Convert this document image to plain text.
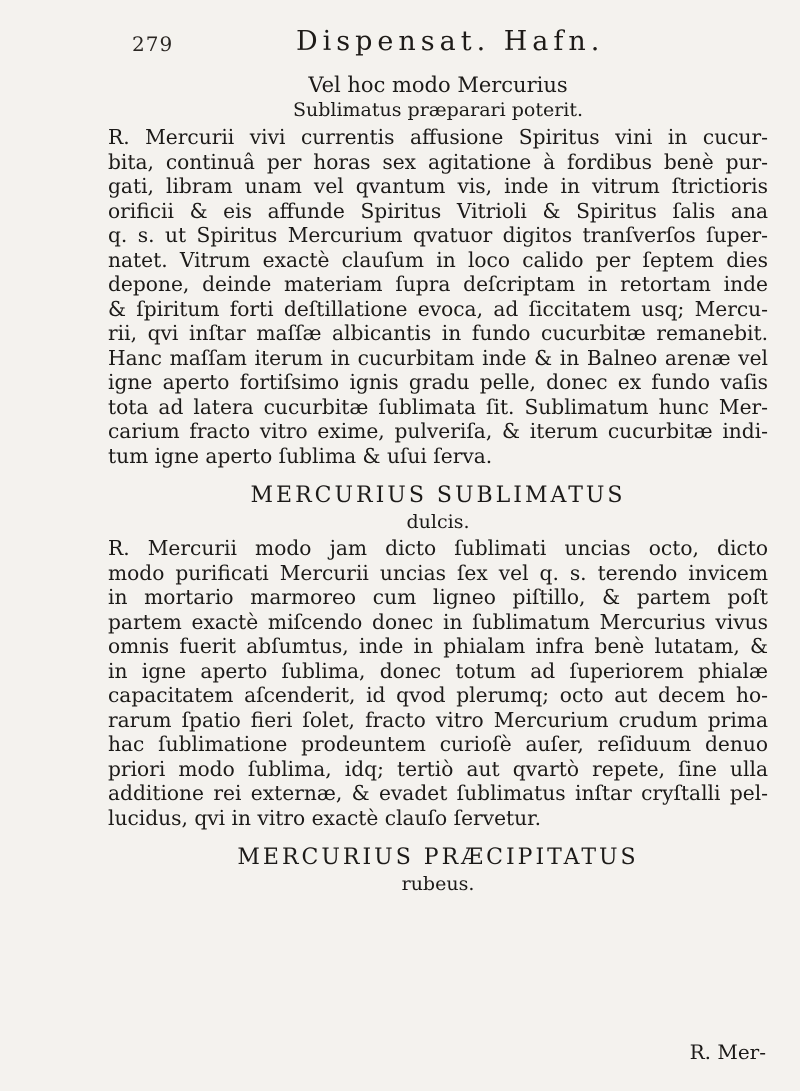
279	Dispensat. Hafn.
Vel hoc modo Mercurius
Sublimatus præparari poterit.
R. Mercurii vivi currentis affusione Spiritus vini in cucur-
bita, continuâ per horas sex agitatione à fordibus benè pur-
gati, libram unam vel qvantum vis, inde in vitrum ſtrictioris
orificii & eis affunde Spiritus Vitrioli & Spiritus ſalis ana
q. s. ut Spiritus Mercurium qvatuor digitos tranſverſos ſuper-
natet. Vitrum exactè clauſum in loco calido per ſeptem dies
depone, deinde materiam ſupra deſcriptam in retortam inde
& ſpiritum forti deſtillatione evoca, ad ſiccitatem usq; Mercu-
rii, qvi inſtar maſſæ albicantis in fundo cucurbitæ remanebit.
Hanc maſſam iterum in cucurbitam inde & in Balneo arenæ vel
igne aperto fortiſsimo ignis gradu pelle, donec ex fundo vaſis
tota ad latera cucurbitæ ſublimata ſit. Sublimatum hunc Mer-
carium fracto vitro exime, pulveriſa, & iterum cucurbitæ indi-
tum igne aperto ſublima & uſui ſerva.
MERCURIUS SUBLIMATUS
dulcis.
R. Mercurii modo jam dicto ſublimati uncias octo, dicto
modo purificati Mercurii uncias ſex vel q. s. terendo invicem
in mortario marmoreo cum ligneo piſtillo, & partem poſt
partem exactè miſcendo donec in ſublimatum Mercurius vivus
omnis fuerit abſumtus, inde in phialam infra benè lutatam, &
in igne aperto ſublima, donec totum ad ſuperiorem phialæ
capacitatem aſcenderit, id qvod plerumq; octo aut decem ho-
rarum ſpatio fieri ſolet, fracto vitro Mercurium crudum prima
hac ſublimatione prodeuntem curioſè auſer, reſiduum denuo
priori modo ſublima, idq; tertiò aut qvartò repete, ſine ulla
additione rei externæ, & evadet ſublimatus inſtar cryſtalli pel-
lucidus, qvi in vitro exactè clauſo ſervetur.
MERCURIUS PRÆCIPITATUS
rubeus.
R. Mer-
